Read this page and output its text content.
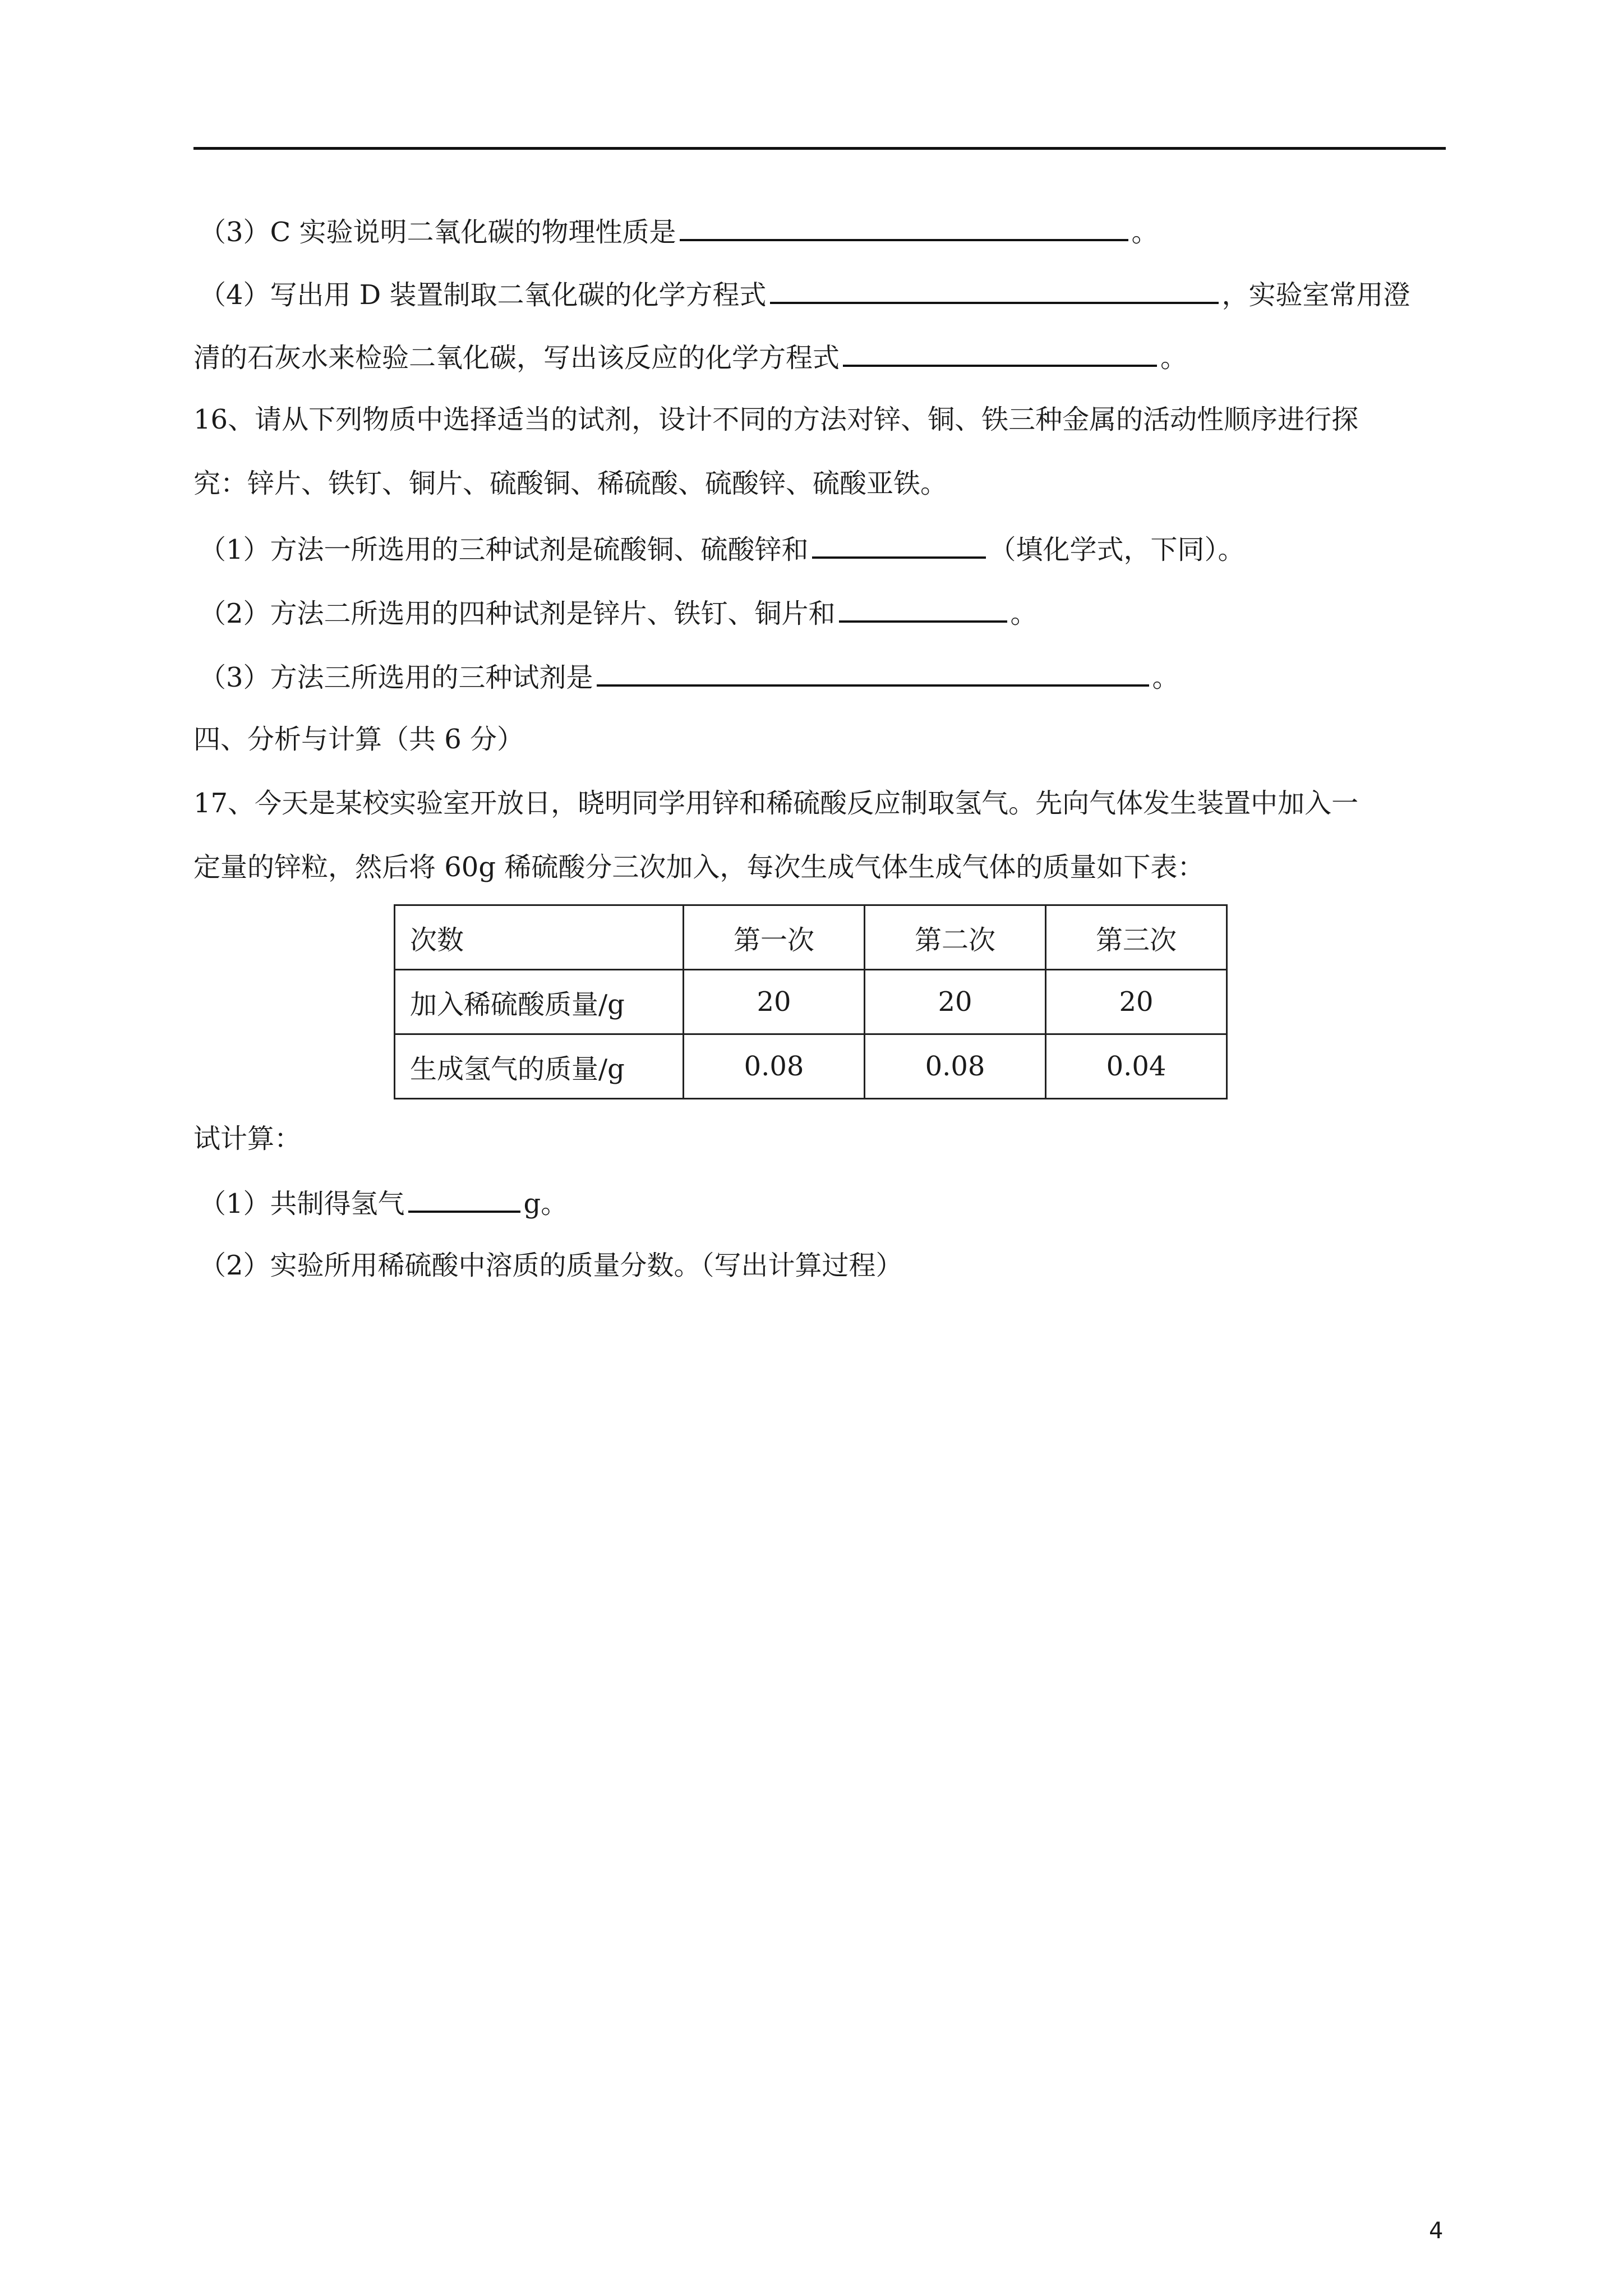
（3）C 实验说明二氧化碳的物理性质是	。
（4）写出用 D 装置制取二氧化碳的化学方程式	，实验室常用澄
清的石灰水来检验二氧化碳，写出该反应的化学方程式	。
16、请从下列物质中选择适当的试剂，设计不同的方法对锌、铜、铁三种金属的活动性顺序进行探
究：锌片、铁钉、铜片、硫酸铜、稀硫酸、硫酸锌、硫酸亚铁。
（1）方法一所选用的三种试剂是硫酸铜、硫酸锌和	（填化学式，下同）。
（2）方法二所选用的四种试剂是锌片、铁钉、铜片和	。
（3）方法三所选用的三种试剂是	。
四、分析与计算（共 6 分）
17、今天是某校实验室开放日，晓明同学用锌和稀硫酸反应制取氢气。先向气体发生装置中加入一
定量的锌粒，然后将 60g 稀硫酸分三次加入，每次生成气体生成气体的质量如下表：
次数	第一次	第二次	第三次
加入稀硫酸质量/g	20	20	20
生成氢气的质量/g	0.08	0.08	0.04
试计算：
（1）共制得氢气	g。
（2）实验所用稀硫酸中溶质的质量分数。（写出计算过程）
4
